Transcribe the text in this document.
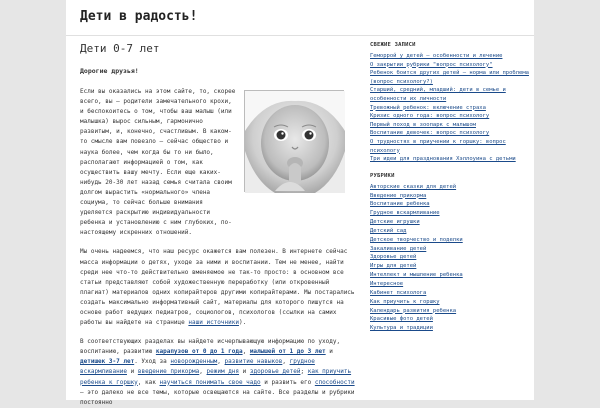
Дети в радость!
Дети 0-7 лет
Дорогие друзья!
Если вы оказались на этом сайте, то, скорее всего, вы – родители замечательного крохи, и беспокоитесь о том, чтобы ваш малыш (или малышка) вырос сильным, гармонично развитым, и, конечно, счастливым. В каком-то смысле вам повезло – сейчас общество и наука более, чем когда бы то ни было, располагают информацией о том, как осуществить вашу мечту. Если еще каких-нибудь 20-30 лет назад семья считала своим долгом вырастить «нормального» члена социума, то сейчас больше внимания уделяется раскрытию индивидуальности ребенка и установлению с ним глубоких, по-настоящему искренних отношений.
Мы очень надеемся, что наш ресурс окажется вам полезен. В интернете сейчас масса информации о детях, уходе за ними и воспитании. Тем не менее, найти среди нее что-то действительно вменяемое не так-то просто: в основном все статьи представляют собой художественную переработку (или откровенный плагиат) материалов одних копирайтеров другими копирайтерами. Мы постарались создать максимально информативный сайт, материалы для которого пишутся на основе работ ведущих педиатров, социологов, психологов (ссылки на самих работы вы найдете на странице наши источники).
В соответствующих разделах вы найдете исчерпывающую информацию по уходу, воспитанию, развитию карапузов от 0 до 1 года, малышей от 1 до 3 лет и детишек 3-7 лет. Уход за новорожденным, развитие навыков, грудное вскармливание и введение прикорма, режим дня и здоровье детей; как приучить ребенка к горшку, как научиться понимать свое чадо и развить его способности – это далеко не все темы, которые освещаются на сайте. Все разделы и рубрики постоянно
СВЕЖИЕ ЗАПИСИ
Геморрой у детей – особенности и лечение
О закрытии рубрики "вопрос психологу"
Ребенок боится других детей – норма или проблема (вопрос психологу?)
Старший, средний, младший: дети в семье и особенности их личности
Тревожный ребенок: включение страха
Кризис одного года: вопрос психологу
Первый поход в зоопарк с малышом
Воспитание девочек: вопрос психологу
О трудностях в приучении к горшку: вопрос психологу
Три идеи для празднования Хэллоуина с детьми
РУБРИКИ
Авторские сказки для детей
Введение прикорма
Воспитание ребенка
Грудное вскармливание
Детские игрушки
Детский сад
Детское творчество и поделки
Закаливание детей
Здоровье детей
Игры для детей
Интеллект и мышление ребенка
Интересное
Кабинет психолога
Как приучить к горшку
Календарь развития ребенка
Красивые фото детей
Культура и традиции
